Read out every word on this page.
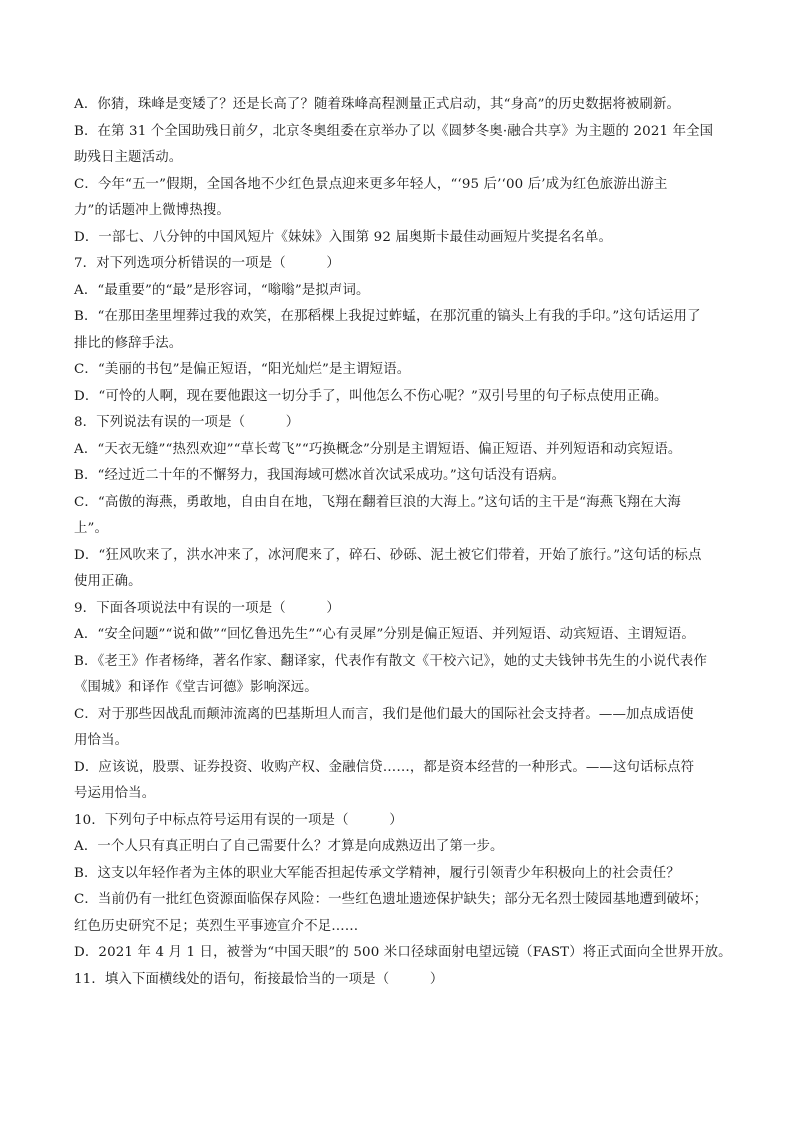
A．你猜，珠峰是变矮了？还是长高了？随着珠峰高程测量正式启动，其“身高”的历史数据将被刷新。
B．在第 31 个全国助残日前夕，北京冬奥组委在京举办了以《圆梦冬奥·融合共享》为主题的 2021 年全国
助残日主题活动。
C．今年“五一”假期，全国各地不少红色景点迎来更多年轻人，“‘95 后’‘00 后’成为红色旅游出游主
力”的话题冲上微博热搜。
D．一部七、八分钟的中国风短片《妹妹》入围第 92 届奥斯卡最佳动画短片奖提名名单。
7．对下列选项分析错误的一项是（　　　）
A．“最重要”的“最”是形容词，“嗡嗡”是拟声词。
B．“在那田垄里埋葬过我的欢笑，在那稻棵上我捉过蚱蜢，在那沉重的镐头上有我的手印。”这句话运用了
排比的修辞手法。
C．“美丽的书包”是偏正短语，“阳光灿烂”是主谓短语。
D．“可怜的人啊，现在要他跟这一切分手了，叫他怎么不伤心呢？”双引号里的句子标点使用正确。
8．下列说法有误的一项是（　　　）
A．“天衣无缝”“热烈欢迎”“草长莺飞”“巧换概念”分别是主谓短语、偏正短语、并列短语和动宾短语。
B．“经过近二十年的不懈努力，我国海域可燃冰首次试采成功。”这句话没有语病。
C．“高傲的海燕，勇敢地，自由自在地，飞翔在翻着巨浪的大海上。”这句话的主干是“海燕飞翔在大海
上”。
D．“狂风吹来了，洪水冲来了，冰河爬来了，碎石、砂砾、泥土被它们带着，开始了旅行。”这句话的标点
使用正确。
9．下面各项说法中有误的一项是（　　　）
A．“安全问题”“说和做”“回忆鲁迅先生”“心有灵犀”分别是偏正短语、并列短语、动宾短语、主谓短语。
B．《老王》作者杨绛，著名作家、翻译家，代表作有散文《干校六记》，她的丈夫钱钟书先生的小说代表作
《围城》和译作《堂吉诃德》影响深远。
C．对于那些因战乱而颠沛流离的巴基斯坦人而言，我们是他们最大的国际社会支持者。——加点成语使
用恰当。
D．应该说，股票、证券投资、收购产权、金融信贷……，都是资本经营的一种形式。——这句话标点符
号运用恰当。
10．下列句子中标点符号运用有误的一项是（　　　）
A．一个人只有真正明白了自己需要什么？才算是向成熟迈出了第一步。
B．这支以年轻作者为主体的职业大军能否担起传承文学精神，履行引领青少年积极向上的社会责任？
C．当前仍有一批红色资源面临保存风险：一些红色遗址遗迹保护缺失；部分无名烈士陵园基地遭到破坏；
红色历史研究不足；英烈生平事迹宣介不足……
D．2021 年 4 月 1 日，被誉为“中国天眼”的 500 米口径球面射电望远镜（FAST）将正式面向全世界开放。
11．填入下面横线处的语句，衔接最恰当的一项是（　　　）
